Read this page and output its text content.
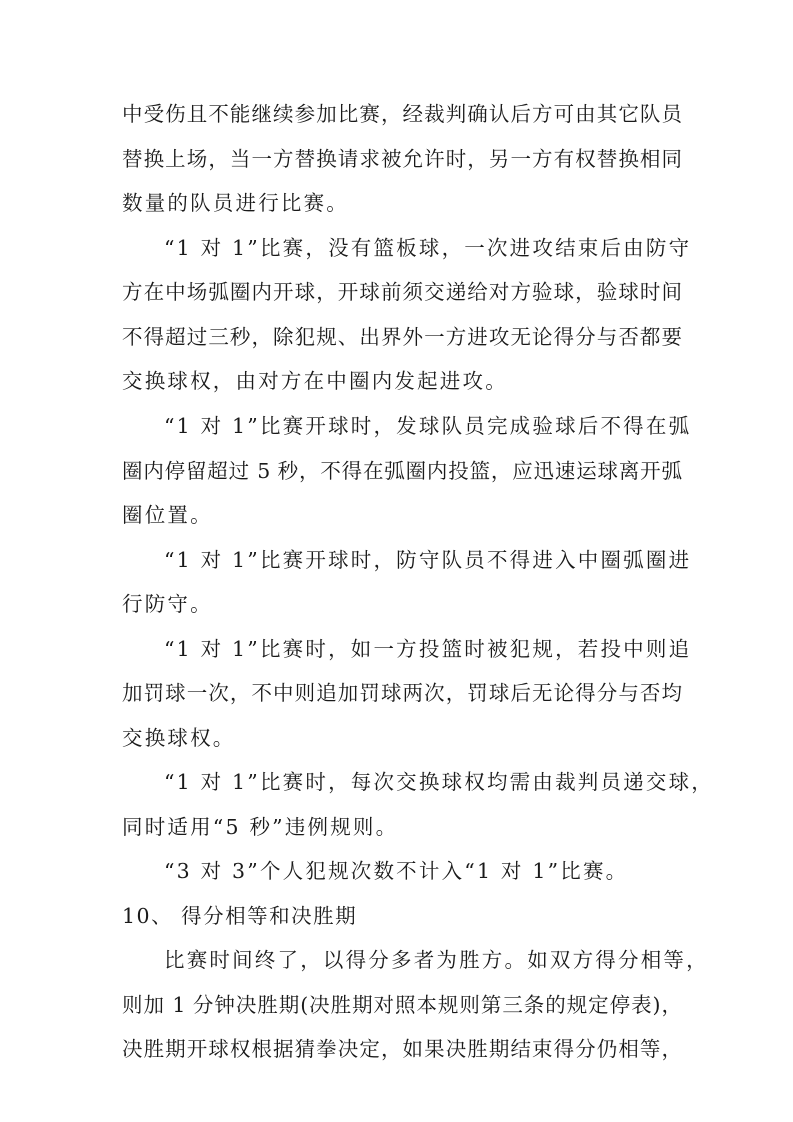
中受伤且不能继续参加比赛，经裁判确认后方可由其它队员
替换上场，当一方替换请求被允许时，另一方有权替换相同
数量的队员进行比赛。
“1 对 1”比赛，没有篮板球，一次进攻结束后由防守
方在中场弧圈内开球，开球前须交递给对方验球，验球时间
不得超过三秒，除犯规、出界外一方进攻无论得分与否都要
交换球权，由对方在中圈内发起进攻。
“1 对 1”比赛开球时，发球队员完成验球后不得在弧
圈内停留超过 5 秒，不得在弧圈内投篮，应迅速运球离开弧
圈位置。
“1 对 1”比赛开球时，防守队员不得进入中圈弧圈进
行防守。
“1 对 1”比赛时，如一方投篮时被犯规，若投中则追
加罚球一次，不中则追加罚球两次，罚球后无论得分与否均
交换球权。
“1 对 1”比赛时，每次交换球权均需由裁判员递交球，
同时适用“5 秒”违例规则。
“3 对 3”个人犯规次数不计入“1 对 1”比赛。
10、 得分相等和决胜期
比赛时间终了，以得分多者为胜方。如双方得分相等，
则加 1 分钟决胜期(决胜期对照本规则第三条的规定停表)，
决胜期开球权根据猜拳决定，如果决胜期结束得分仍相等，
